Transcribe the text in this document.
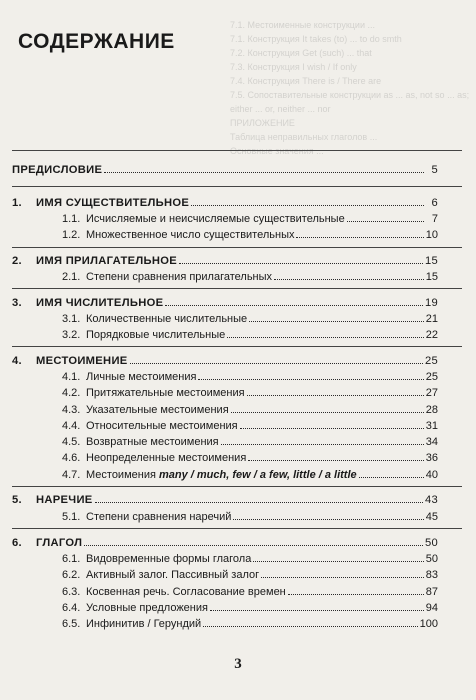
7.1. Местоименные конструкции ...
7.1. Конструкция It takes (to) ... to do smth
7.2. Конструкция Get (such) ... that
7.3. Конструкция I wish / If only
7.4. Конструкция There is / There are
7.5. Сопоставительные конструкции as ... as, not so ... as;
either ... or, neither ... nor
ПРИЛОЖЕНИЕ
Таблица неправильных глаголов ...
Основные значения ...
СОДЕРЖАНИЕ
ПРЕДИСЛОВИЕ	5
1.	ИМЯ СУЩЕСТВИТЕЛЬНОЕ	6
1.1. Исчисляемые и неисчисляемые существительные	7
1.2. Множественное число существительных	10
2.	ИМЯ ПРИЛАГАТЕЛЬНОЕ	15
2.1. Степени сравнения прилагательных	15
3.	ИМЯ ЧИСЛИТЕЛЬНОЕ	19
3.1. Количественные числительные	21
3.2. Порядковые числительные	22
4.	МЕСТОИМЕНИЕ	25
4.1. Личные местоимения	25
4.2. Притяжательные местоимения	27
4.3. Указательные местоимения	28
4.4. Относительные местоимения	31
4.5. Возвратные местоимения	34
4.6. Неопределенные местоимения	36
4.7. Местоимения many / much, few / a few, little / a little	40
5.	НАРЕЧИЕ	43
5.1. Степени сравнения наречий	45
6.	ГЛАГОЛ	50
6.1. Видовременные формы глагола	50
6.2. Активный залог. Пассивный залог	83
6.3. Косвенная речь. Согласование времен	87
6.4. Условные предложения	94
6.5. Инфинитив / Герундий	100
3
